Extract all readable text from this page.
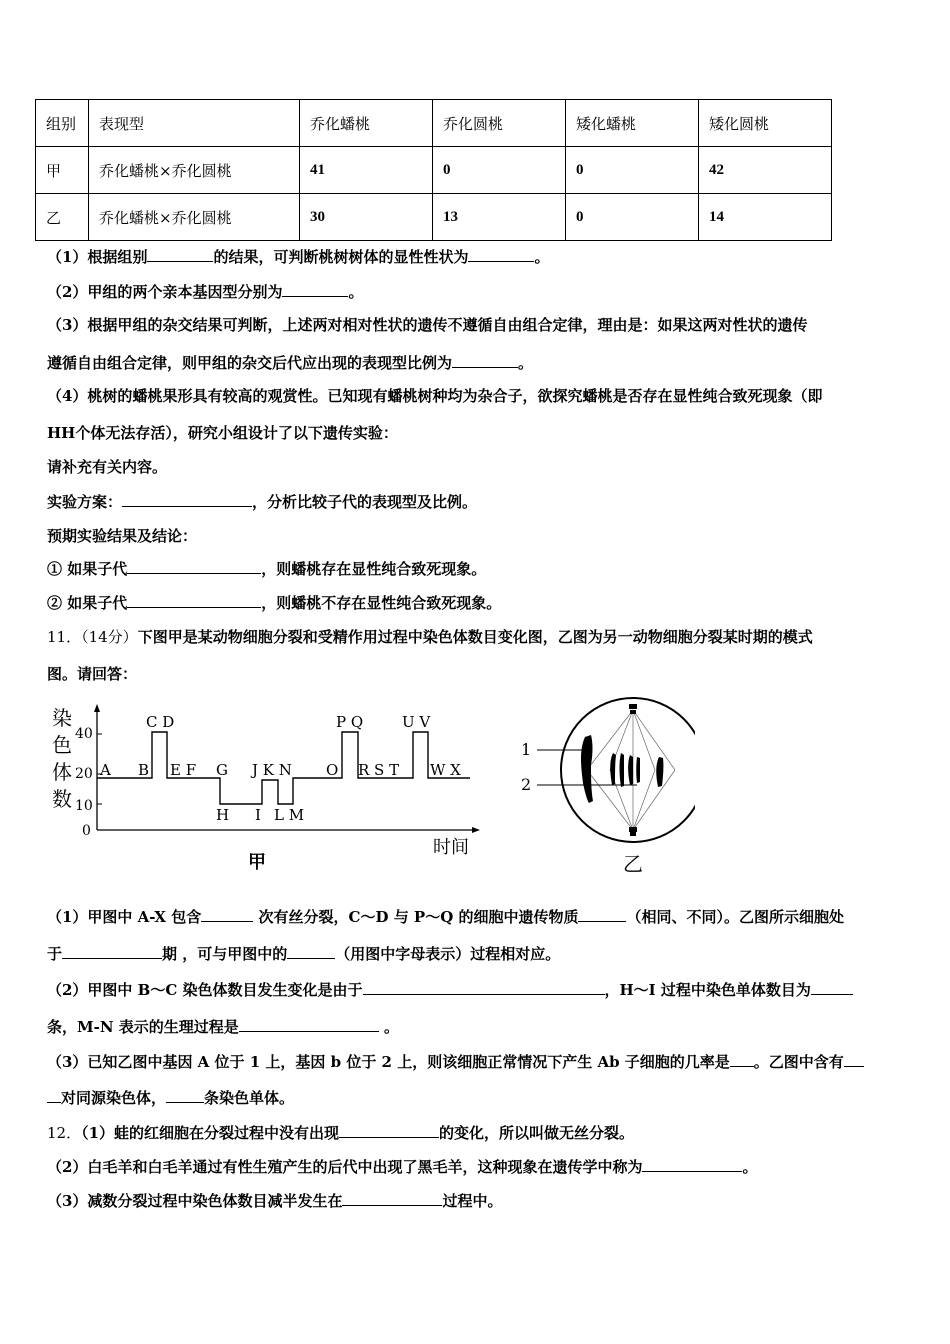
组别	表现型	乔化蟠桃	乔化圆桃	矮化蟠桃	矮化圆桃
甲	乔化蟠桃×乔化圆桃	41	0	0	42
乙	乔化蟠桃×乔化圆桃	30	13	0	14
（1）根据组别	的结果，可判断桃树树体的显性性状为	。
（2）甲组的两个亲本基因型分别为	。
（3）根据甲组的杂交结果可判断，上述两对相对性状的遗传不遵循自由组合定律，理由是：如果这两对性状的遗传
遵循自由组合定律，则甲组的杂交后代应出现的表现型比例为	。
（4）桃树的蟠桃果形具有较高的观赏性。已知现有蟠桃树种均为杂合子，欲探究蟠桃是否存在显性纯合致死现象（即
HH个体无法存活），研究小组设计了以下遗传实验：
请补充有关内容。
实验方案：	，分析比较子代的表现型及比例。
预期实验结果及结论：
① 如果子代	，则蟠桃存在显性纯合致死现象。
② 如果子代	，则蟠桃不存在显性纯合致死现象。
11．（14分）下图甲是某动物细胞分裂和受精作用过程中染色体数目变化图，乙图为另一动物细胞分裂某时期的模式
图。请回答：
染
色
体
数
40
20
10
0
C D	P Q	U V
A B E F G J K N O R S T W X
H I L M
时间
甲
1
2
乙
（1）甲图中 A-X 包含	次有丝分裂，C～D 与 P～Q 的细胞中遗传物质	（相同、不同）。乙图所示细胞处
于	期 ，可与甲图中的	（用图中字母表示）过程相对应。
（2）甲图中 B～C 染色体数目发生变化是由于	，H～I 过程中染色单体数目为
条，M-N 表示的生理过程是	。
（3）已知乙图中基因 A 位于 1 上，基因 b 位于 2 上，则该细胞正常情况下产生 Ab 子细胞的几率是 。乙图中含有
对同源染色体，	条染色单体。
12．（1）蛙的红细胞在分裂过程中没有出现	的变化，所以叫做无丝分裂。
（2）白毛羊和白毛羊通过有性生殖产生的后代中出现了黑毛羊，这种现象在遗传学中称为	。
（3）减数分裂过程中染色体数目减半发生在	过程中。
